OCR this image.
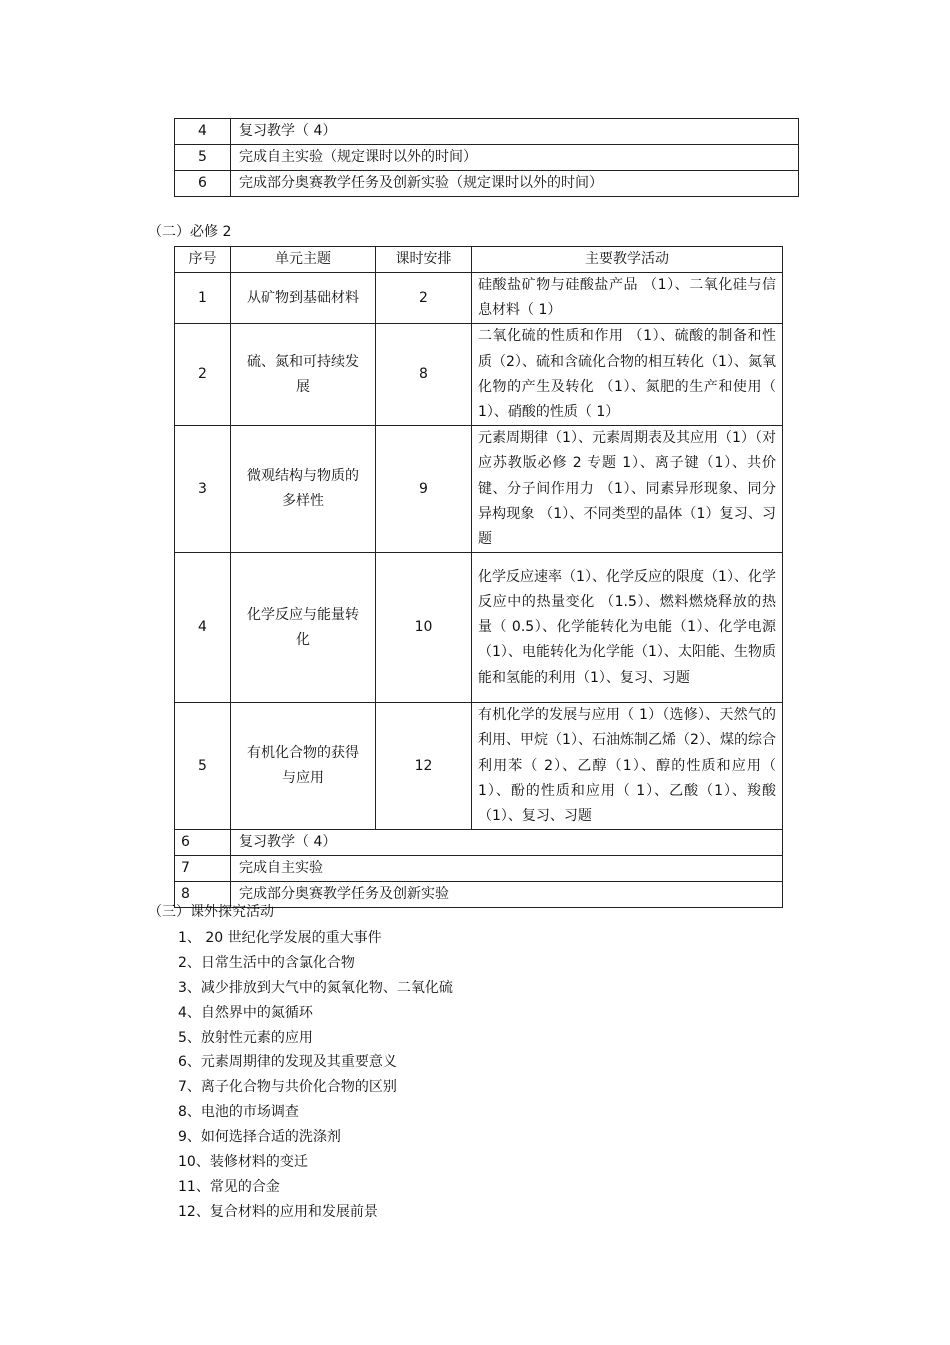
4	复习教学（ 4）
5	完成自主实验（规定课时以外的时间）
6	完成部分奥赛教学任务及创新实验（规定课时以外的时间）
（二）必修 2
序号	单元主题	课时安排	主要教学活动
1	从矿物到基础材料	2	硅酸盐矿物与硅酸盐产品 （1）、二氧化硅与信息材料（ 1）
2	硫、氮和可持续发展	8	二氧化硫的性质和作用 （1）、硫酸的制备和性质（2）、硫和含硫化合物的相互转化（1）、氮氧化物的产生及转化 （1）、氮肥的生产和使用（ 1）、硝酸的性质（ 1）
3	微观结构与物质的多样性	9	元素周期律（1）、元素周期表及其应用（1）（对应苏教版必修 2 专题 1）、离子键（1）、共价键、分子间作用力 （1）、同素异形现象、同分异构现象 （1）、不同类型的晶体（1）复习、习题
4	化学反应与能量转化	10	化学反应速率（1）、化学反应的限度（1）、化学反应中的热量变化 （1.5）、燃料燃烧释放的热量（ 0.5）、化学能转化为电能（1）、化学电源（1）、电能转化为化学能（1）、太阳能、生物质能和氢能的利用（1）、复习、习题
5	有机化合物的获得与应用	12	有机化学的发展与应用（ 1）（选修）、天然气的利用、甲烷（1）、石油炼制乙烯（2）、煤的综合利用苯（ 2）、乙醇（1）、醇的性质和应用（ 1）、酚的性质和应用（ 1）、乙酸（1）、羧酸（1）、复习、习题
6	复习教学（ 4）		
7	完成自主实验		
8	完成部分奥赛教学任务及创新实验		
（三）课外探究活动
1、 20 世纪化学发展的重大事件
2、日常生活中的含氯化合物
3、减少排放到大气中的氮氧化物、二氧化硫
4、自然界中的氮循环
5、放射性元素的应用
6、元素周期律的发现及其重要意义
7、离子化合物与共价化合物的区别
8、电池的市场调查
9、如何选择合适的洗涤剂
10、装修材料的变迁
11、常见的合金
12、复合材料的应用和发展前景
